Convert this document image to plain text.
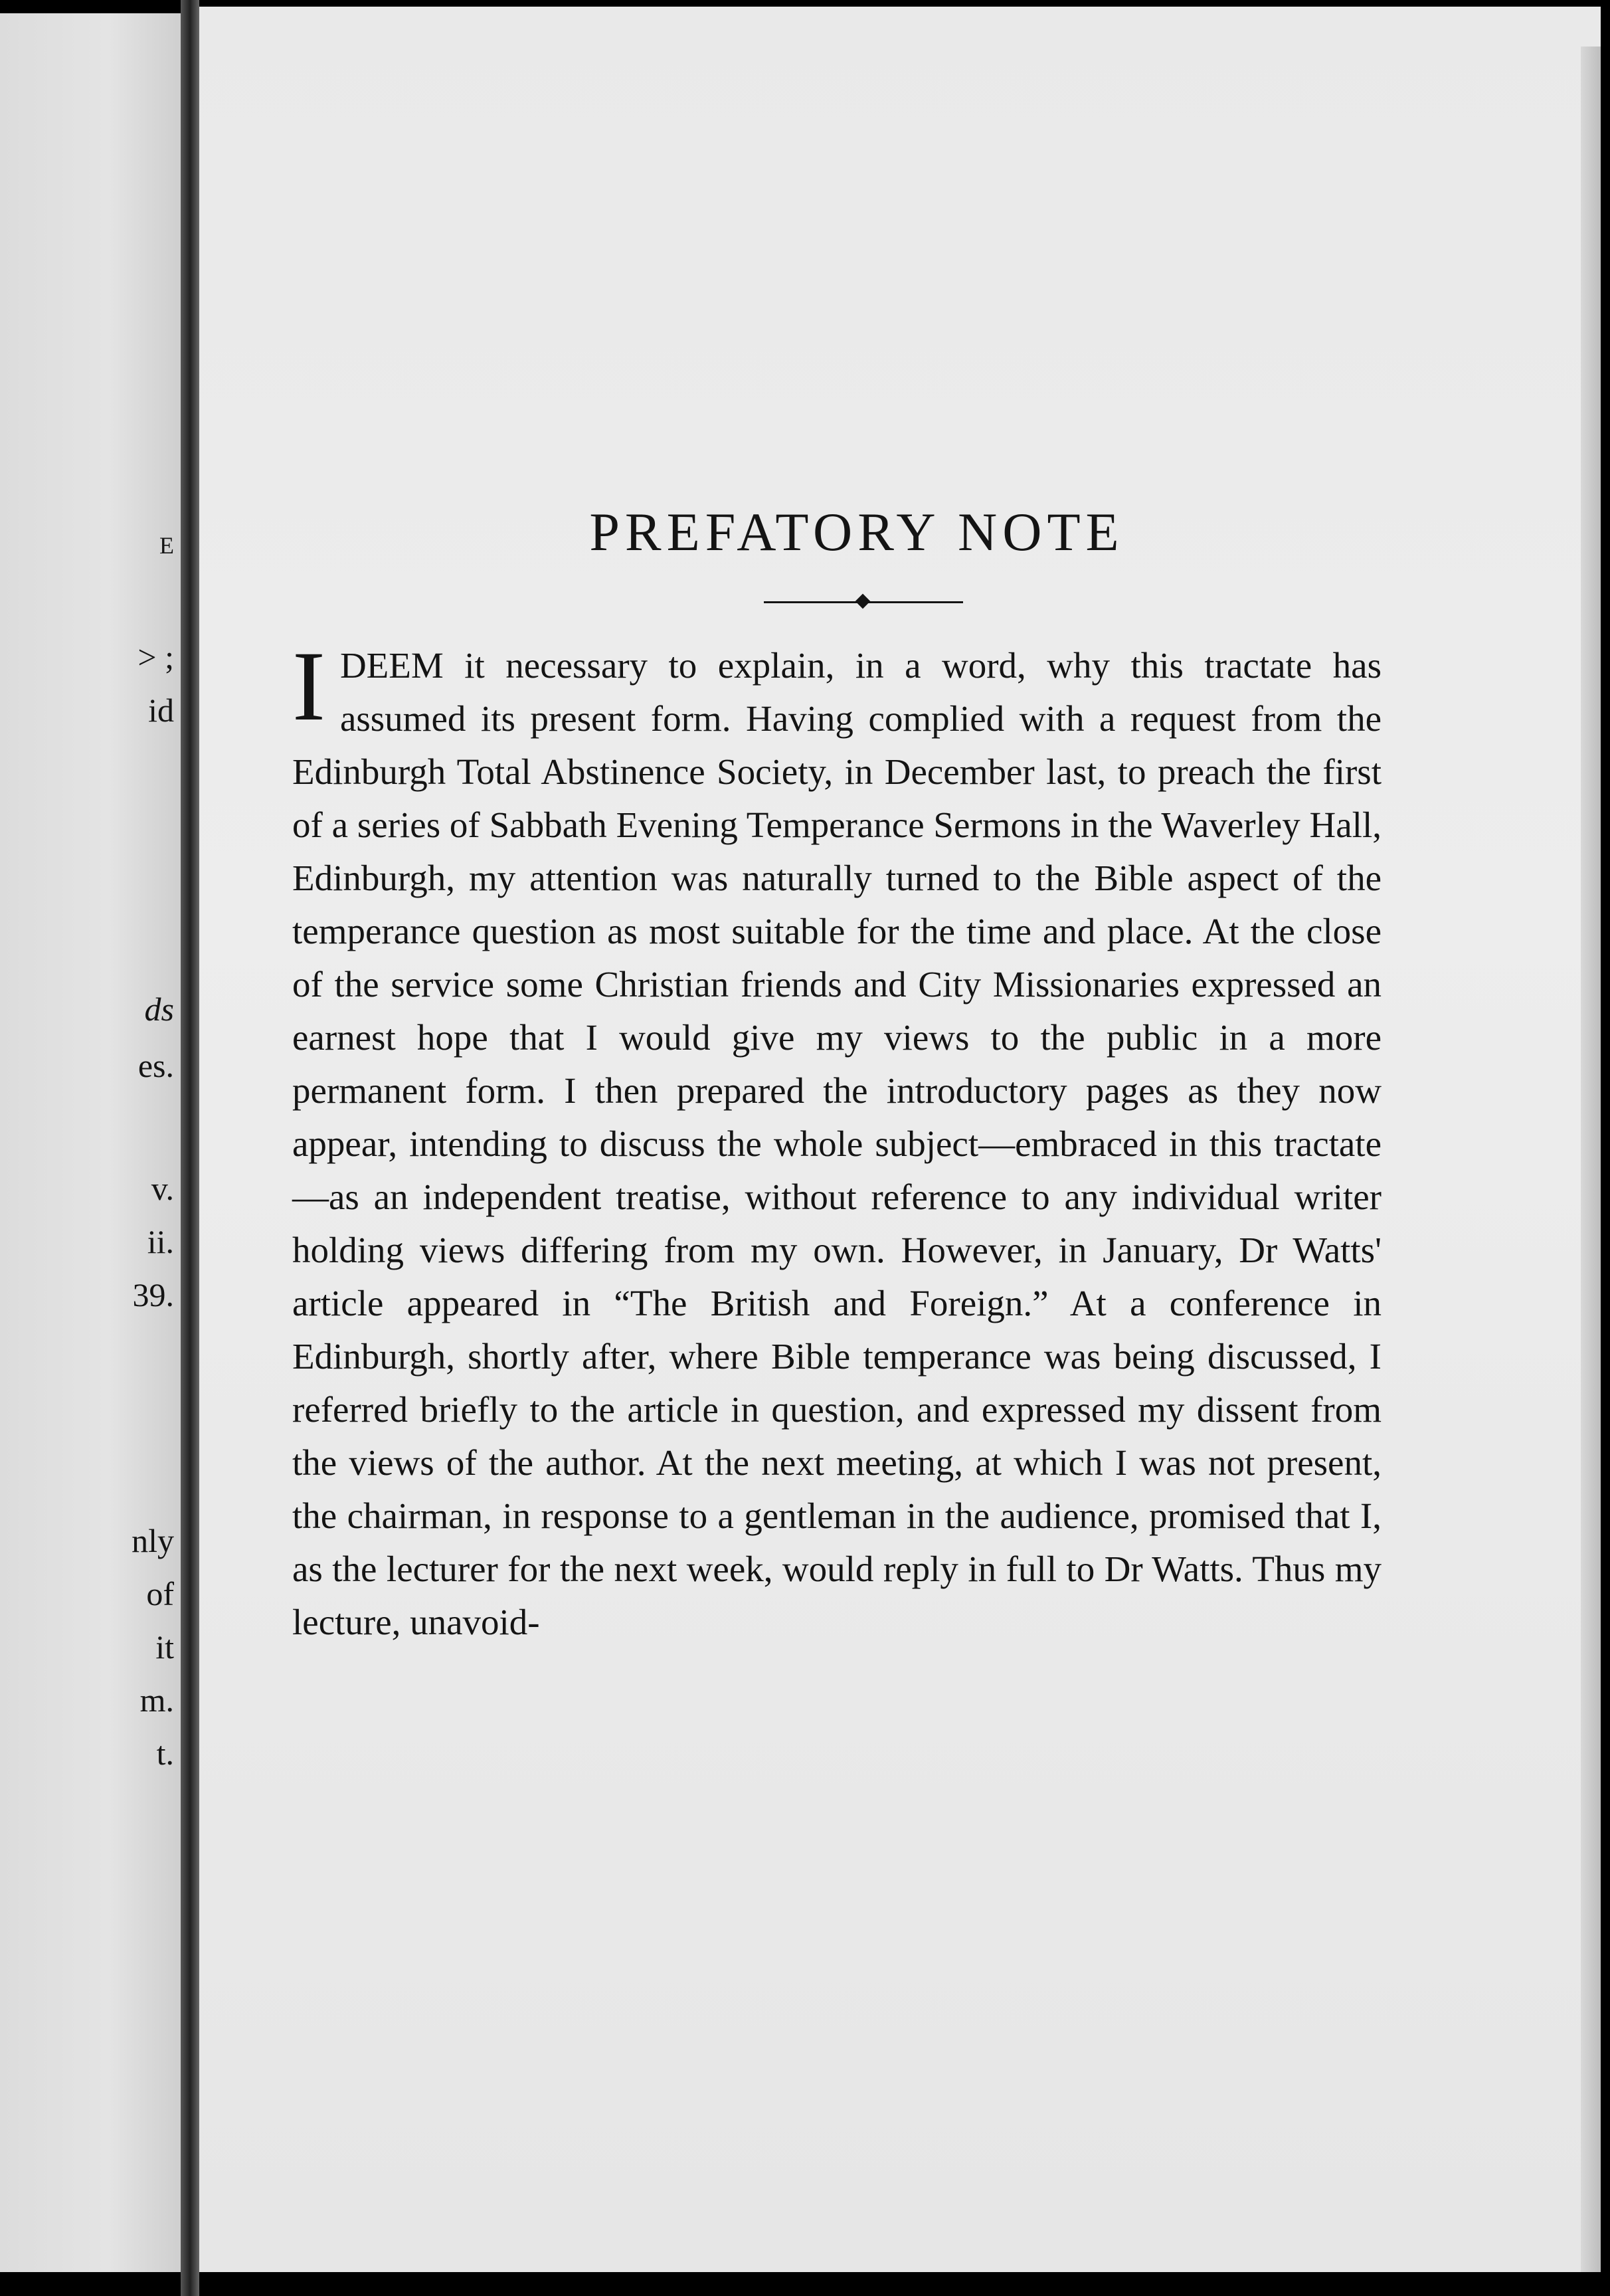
E
> ;
id
ds
es.
v.
ii.
39.
nly
of
it
m.
t.
PREFATORY NOTE
I DEEM it necessary to explain, in a word, why this tractate has assumed its present form. Having complied with a request from the Edinburgh Total Abstinence Society, in December last, to preach the first of a series of Sabbath Evening Temperance Sermons in the Waverley Hall, Edinburgh, my attention was naturally turned to the Bible aspect of the temperance question as most suitable for the time and place. At the close of the service some Christian friends and City Missionaries expressed an earnest hope that I would give my views to the public in a more permanent form. I then prepared the introductory pages as they now appear, intending to discuss the whole subject—embraced in this tractate—as an independent treatise, without reference to any individual writer holding views differing from my own. However, in January, Dr Watts' article appeared in “The British and Foreign.” At a conference in Edinburgh, shortly after, where Bible temperance was being discussed, I referred briefly to the article in question, and expressed my dissent from the views of the author. At the next meeting, at which I was not present, the chairman, in response to a gentleman in the audience, promised that I, as the lecturer for the next week, would reply in full to Dr Watts. Thus my lecture, unavoid-
